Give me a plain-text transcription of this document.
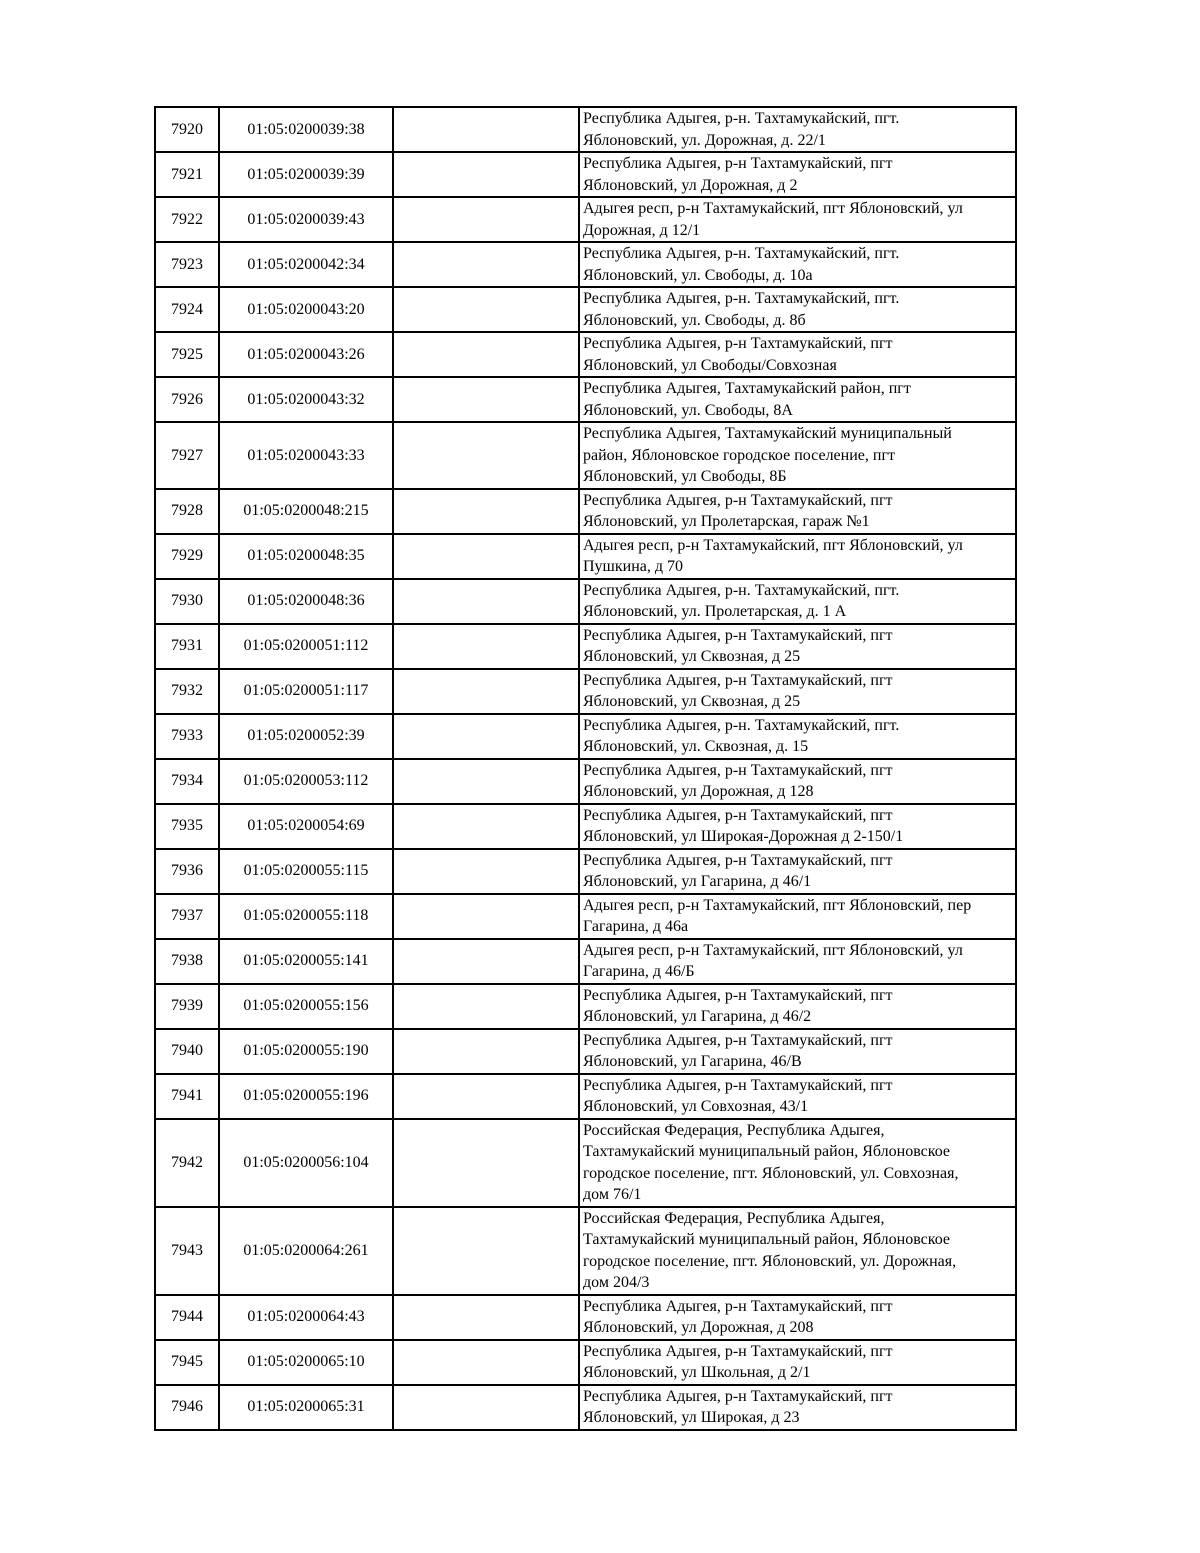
7920	01:05:0200039:38		Республика Адыгея, р-н. Тахтамукайский, пгт.
Яблоновский, ул. Дорожная, д. 22/1

7921	01:05:0200039:39		Республика Адыгея, р-н Тахтамукайский, пгт
Яблоновский, ул Дорожная, д 2

7922	01:05:0200039:43		Адыгея респ, р-н Тахтамукайский, пгт Яблоновский, ул
Дорожная, д 12/1

7923	01:05:0200042:34		Республика Адыгея, р-н. Тахтамукайский, пгт.
Яблоновский, ул. Свободы, д. 10а

7924	01:05:0200043:20		Республика Адыгея, р-н. Тахтамукайский, пгт.
Яблоновский, ул. Свободы, д. 8б

7925	01:05:0200043:26		Республика Адыгея, р-н Тахтамукайский, пгт
Яблоновский, ул Свободы/Совхозная

7926	01:05:0200043:32		Республика Адыгея, Тахтамукайский район, пгт
Яблоновский, ул. Свободы, 8А

7927	01:05:0200043:33		Республика Адыгея, Тахтамукайский муниципальный
район, Яблоновское городское поселение, пгт
Яблоновский, ул Свободы, 8Б

7928	01:05:0200048:215		Республика Адыгея, р-н Тахтамукайский, пгт
Яблоновский, ул Пролетарская, гараж №1

7929	01:05:0200048:35		Адыгея респ, р-н Тахтамукайский, пгт Яблоновский, ул
Пушкина, д 70

7930	01:05:0200048:36		Республика Адыгея, р-н. Тахтамукайский, пгт.
Яблоновский, ул. Пролетарская, д. 1 А

7931	01:05:0200051:112		Республика Адыгея, р-н Тахтамукайский, пгт
Яблоновский, ул Сквозная, д 25

7932	01:05:0200051:117		Республика Адыгея, р-н Тахтамукайский, пгт
Яблоновский, ул Сквозная, д 25

7933	01:05:0200052:39		Республика Адыгея, р-н. Тахтамукайский, пгт.
Яблоновский, ул. Сквозная, д. 15

7934	01:05:0200053:112		Республика Адыгея, р-н Тахтамукайский, пгт
Яблоновский, ул Дорожная, д 128

7935	01:05:0200054:69		Республика Адыгея, р-н Тахтамукайский, пгт
Яблоновский, ул Широкая-Дорожная д 2-150/1

7936	01:05:0200055:115		Республика Адыгея, р-н Тахтамукайский, пгт
Яблоновский, ул Гагарина, д 46/1

7937	01:05:0200055:118		Адыгея респ, р-н Тахтамукайский, пгт Яблоновский, пер
Гагарина, д 46а

7938	01:05:0200055:141		Адыгея респ, р-н Тахтамукайский, пгт Яблоновский, ул
Гагарина, д 46/Б

7939	01:05:0200055:156		Республика Адыгея, р-н Тахтамукайский, пгт
Яблоновский, ул Гагарина, д 46/2

7940	01:05:0200055:190		Республика Адыгея, р-н Тахтамукайский, пгт
Яблоновский, ул Гагарина, 46/В

7941	01:05:0200055:196		Республика Адыгея, р-н Тахтамукайский, пгт
Яблоновский, ул Совхозная, 43/1

7942	01:05:0200056:104		Российская Федерация, Республика Адыгея,
Тахтамукайский муниципальный район, Яблоновское
городское поселение, пгт. Яблоновский, ул. Совхозная,
дом 76/1

7943	01:05:0200064:261		Российская Федерация, Республика Адыгея,
Тахтамукайский муниципальный район, Яблоновское
городское поселение, пгт. Яблоновский, ул. Дорожная,
дом 204/3

7944	01:05:0200064:43		Республика Адыгея, р-н Тахтамукайский, пгт
Яблоновский, ул Дорожная, д 208

7945	01:05:0200065:10		Республика Адыгея, р-н Тахтамукайский, пгт
Яблоновский, ул Школьная, д 2/1

7946	01:05:0200065:31		Республика Адыгея, р-н Тахтамукайский, пгт
Яблоновский, ул Широкая, д 23
